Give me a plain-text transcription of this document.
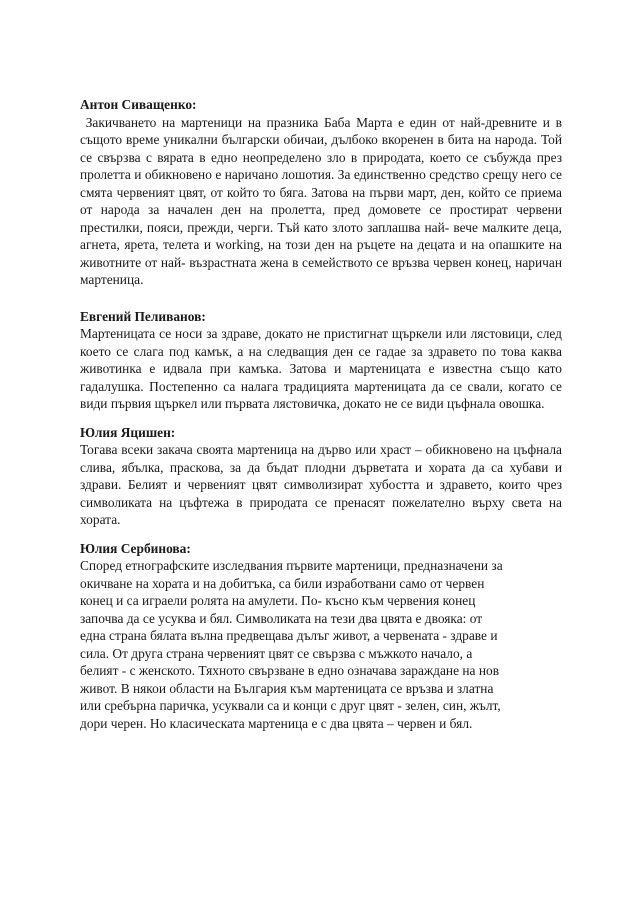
Антон Сиващенко:

Закичването на мартеници на празника Баба Марта е един от най-древните и в същото време уникални български обичаи, дълбоко вкоренен в бита на народа. Той се свързва с вярата в едно неопределено зло в природата, което се събужда през пролетта и обикновено е наричано лошотия. За единственно средство срещу него се смята червеният цвят, от който то бяга. Затова на първи март, ден, който се приема от народа за начален ден на пролетта, пред домовете се простират червени престилки, пояси, прежди, черги. Тъй като злото заплашва най- вече малките деца, агнета, ярета, телета и working, на този ден на ръцете на децата и на опашките на животните от най- възрастната жена в семейството се връзва червен конец, наричан мартеница.

Евгений Пеливанов:

Мартеницата се носи за здраве, докато не пристигнат щъркели или лястовици, след което се слага под камък, а на следващия ден се гадае за здравето по това каква животинка е идвала при камъка. Затова и мартеницата е известна също като гадалушка. Постепенно са налага традицията мартеницата да се свали, когато се види първия щъркел или първата лястовичка, докато не се види цъфнала овошка.

Юлия Яцишен:

Тогава всеки закача своята мартеница на дърво или храст – обикновено на цъфнала слива, ябълка, праскова, за да бъдат плодни дърветата и хората да са хубави и здрави. Белият и червеният цвят символизират хубостта и здравето, които чрез символиката на цъфтежа в природата се пренасят пожелателно върху света на хората.

Юлия Сербинова:

Според етнографските изследвания първите мартеници, предназначени за
окичване на хората и на добитъка, са били изработвани само от червен
конец и са играели ролята на амулети. По- късно към червения конец
започва да се усуква и бял. Символиката на тези два цвята е двояка: от
една страна бялата вълна предвещава дълъг живот, а червената - здраве и
сила. От друга страна червеният цвят се свързва с мъжкото начало, а
белият - с женското. Тяхното свързване в едно означава зараждане на нов
живот. В някои области на България към мартеницата се връзва и златна
или сребърна паричка, усуквали са и конци с друг цвят - зелен, син, жълт,
дори черен. Но класическата мартеница е с два цвята – червен и бял.
